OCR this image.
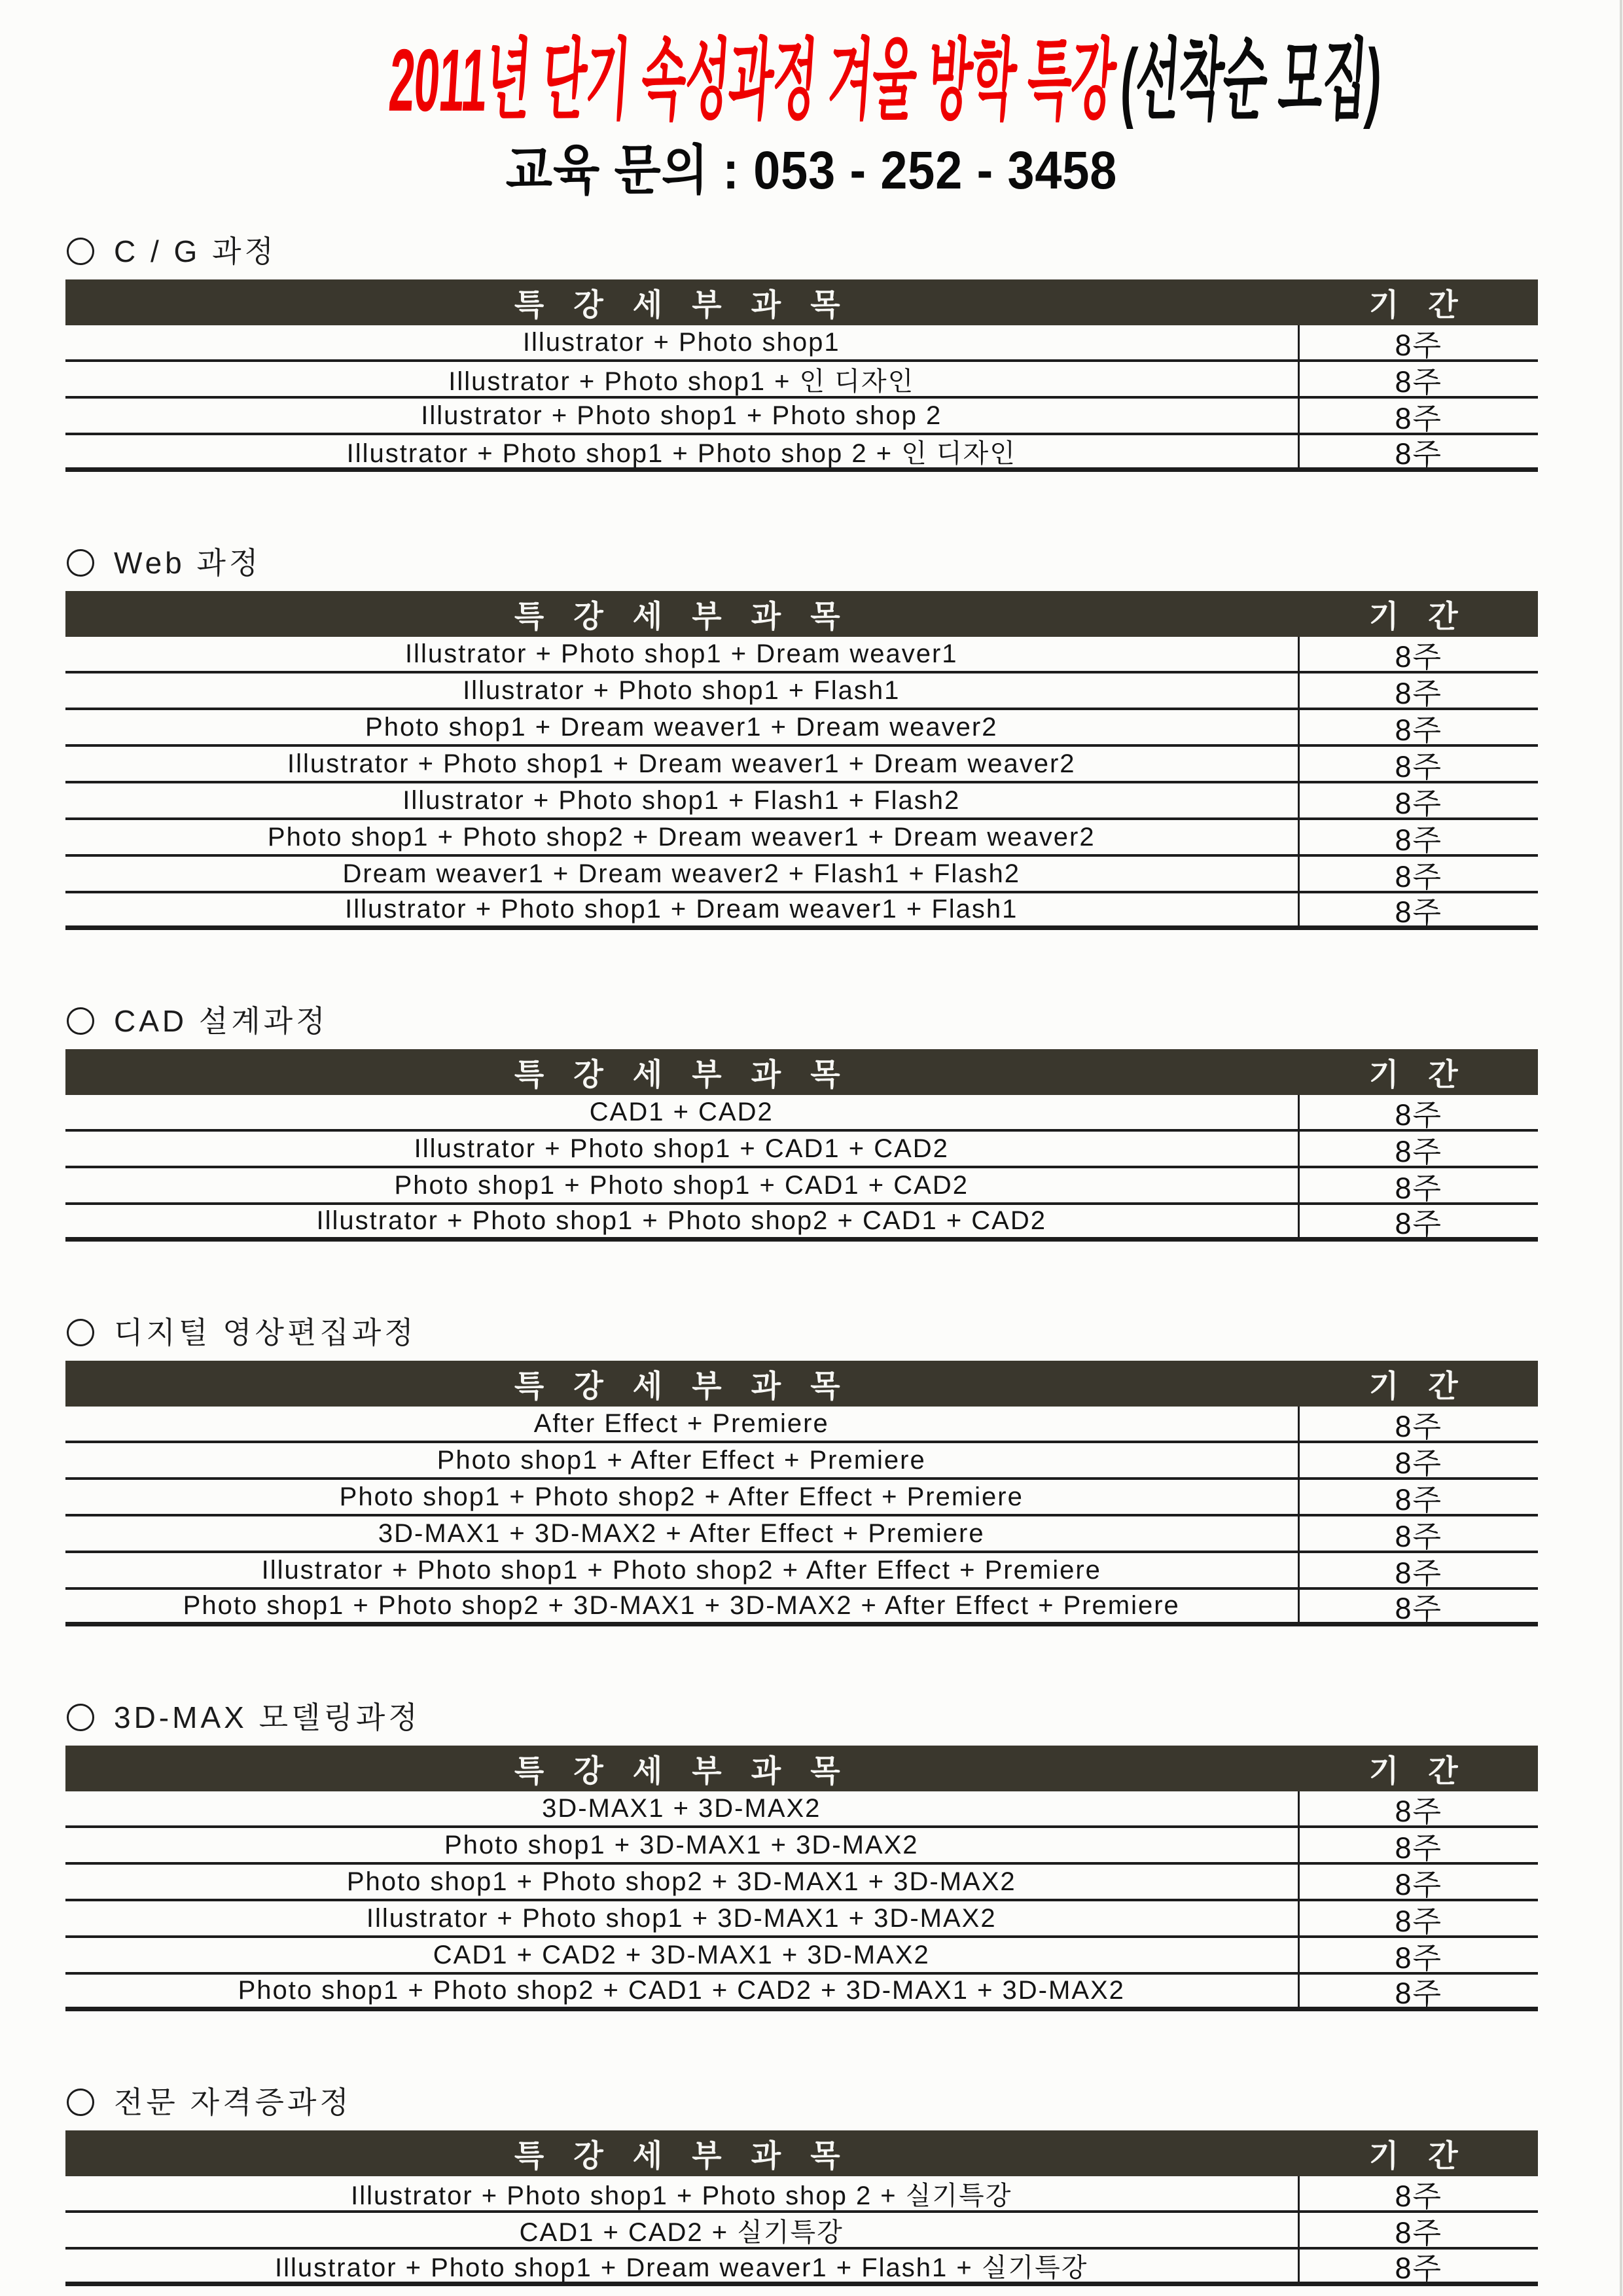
2011년 단기 속성과정 겨울 방학 특강(선착순 모집)
교육 문의 : 053 - 252 - 3458
C / G 과정
특 강 세 부 과 목	기 간
Illustrator + Photo shop1	8주
Illustrator + Photo shop1 + 인 디자인	8주
Illustrator + Photo shop1 + Photo shop 2	8주
Illustrator + Photo shop1 + Photo shop 2 + 인 디자인	8주
Web 과정
특 강 세 부 과 목	기 간
Illustrator + Photo shop1 + Dream weaver1	8주
Illustrator + Photo shop1 + Flash1	8주
Photo shop1 + Dream weaver1 + Dream weaver2	8주
Illustrator + Photo shop1 + Dream weaver1 + Dream weaver2	8주
Illustrator + Photo shop1 + Flash1 + Flash2	8주
Photo shop1 + Photo shop2 + Dream weaver1 + Dream weaver2	8주
Dream weaver1 + Dream weaver2 + Flash1 + Flash2	8주
Illustrator + Photo shop1 + Dream weaver1 + Flash1	8주
CAD 설계과정
특 강 세 부 과 목	기 간
CAD1 + CAD2	8주
Illustrator + Photo shop1 + CAD1 + CAD2	8주
Photo shop1 + Photo shop1 + CAD1 + CAD2	8주
Illustrator + Photo shop1 + Photo shop2 + CAD1 + CAD2	8주
디지털 영상편집과정
특 강 세 부 과 목	기 간
After Effect + Premiere	8주
Photo shop1 + After Effect + Premiere	8주
Photo shop1 + Photo shop2 + After Effect + Premiere	8주
3D-MAX1 + 3D-MAX2 + After Effect + Premiere	8주
Illustrator + Photo shop1 + Photo shop2 + After Effect + Premiere	8주
Photo shop1 + Photo shop2 + 3D-MAX1 + 3D-MAX2 + After Effect + Premiere	8주
3D-MAX 모델링과정
특 강 세 부 과 목	기 간
3D-MAX1 + 3D-MAX2	8주
Photo shop1 + 3D-MAX1 + 3D-MAX2	8주
Photo shop1 + Photo shop2 + 3D-MAX1 + 3D-MAX2	8주
Illustrator + Photo shop1 + 3D-MAX1 + 3D-MAX2	8주
CAD1 + CAD2 + 3D-MAX1 + 3D-MAX2	8주
Photo shop1 + Photo shop2 + CAD1 + CAD2 + 3D-MAX1 + 3D-MAX2	8주
전문 자격증과정
특 강 세 부 과 목	기 간
Illustrator + Photo shop1 + Photo shop 2 + 실기특강	8주
CAD1 + CAD2 + 실기특강	8주
Illustrator + Photo shop1 + Dream weaver1 + Flash1 + 실기특강	8주
